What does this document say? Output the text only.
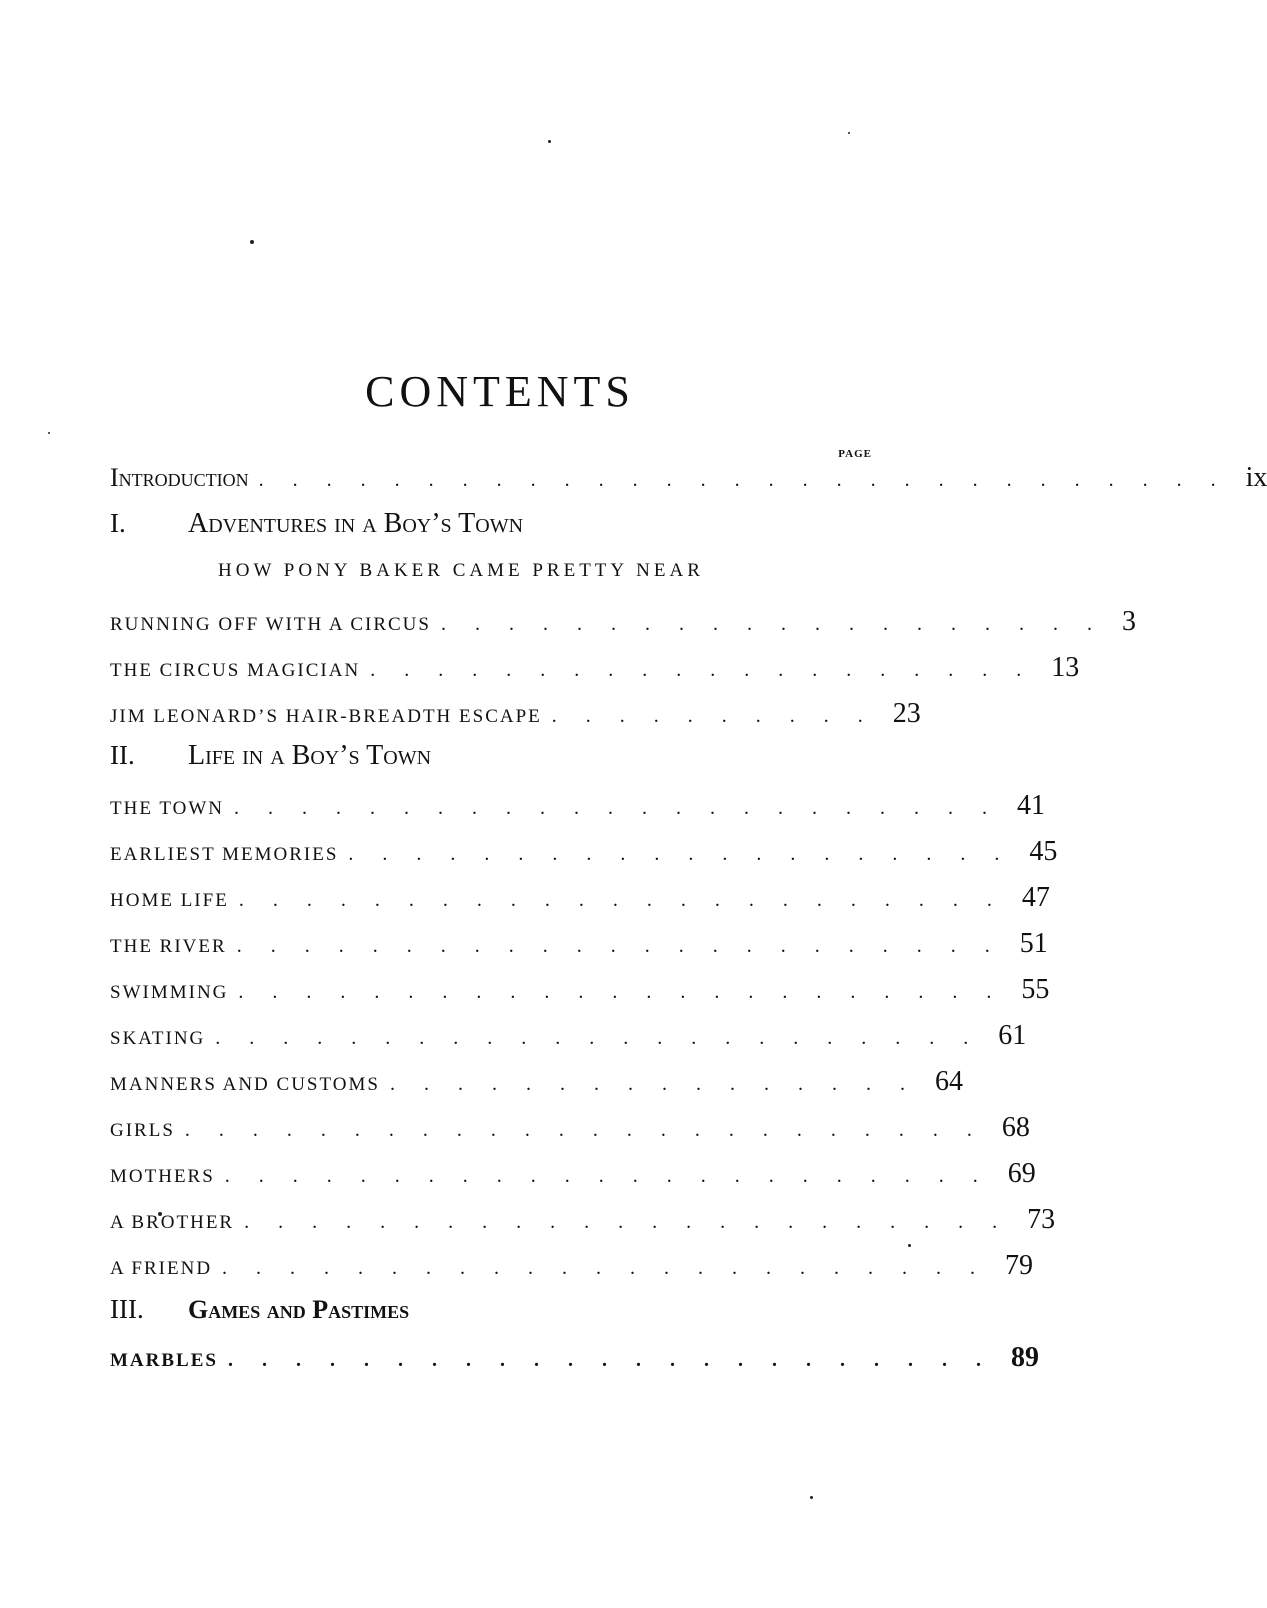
CONTENTS
PAGE
Introduction . . . . . . . . . . . . . . . . . . . . . . . . . . . . . ix
I.	Adventures in a Boy’s Town
HOW PONY BAKER CAME PRETTY NEAR
RUNNING OFF WITH A CIRCUS . . . . . . . . . . . . . . . . . . . . 3
THE CIRCUS MAGICIAN . . . . . . . . . . . . . . . . . . . . 13
JIM LEONARD’S HAIR-BREADTH ESCAPE . . . . . . . . . . 23
II.	Life in a Boy’s Town
THE TOWN . . . . . . . . . . . . . . . . . . . . . . . 41
EARLIEST MEMORIES . . . . . . . . . . . . . . . . . . . . 45
HOME LIFE . . . . . . . . . . . . . . . . . . . . . . . 47
THE RIVER . . . . . . . . . . . . . . . . . . . . . . . 51
SWIMMING . . . . . . . . . . . . . . . . . . . . . . . 55
SKATING . . . . . . . . . . . . . . . . . . . . . . . 61
MANNERS AND CUSTOMS . . . . . . . . . . . . . . . . 64
GIRLS . . . . . . . . . . . . . . . . . . . . . . . . 68
MOTHERS . . . . . . . . . . . . . . . . . . . . . . . 69
A BROTHER . . . . . . . . . . . . . . . . . . . . . . . 73
A FRIEND . . . . . . . . . . . . . . . . . . . . . . . 79
III.	Games and Pastimes
MARBLES . . . . . . . . . . . . . . . . . . . . . . . 89
